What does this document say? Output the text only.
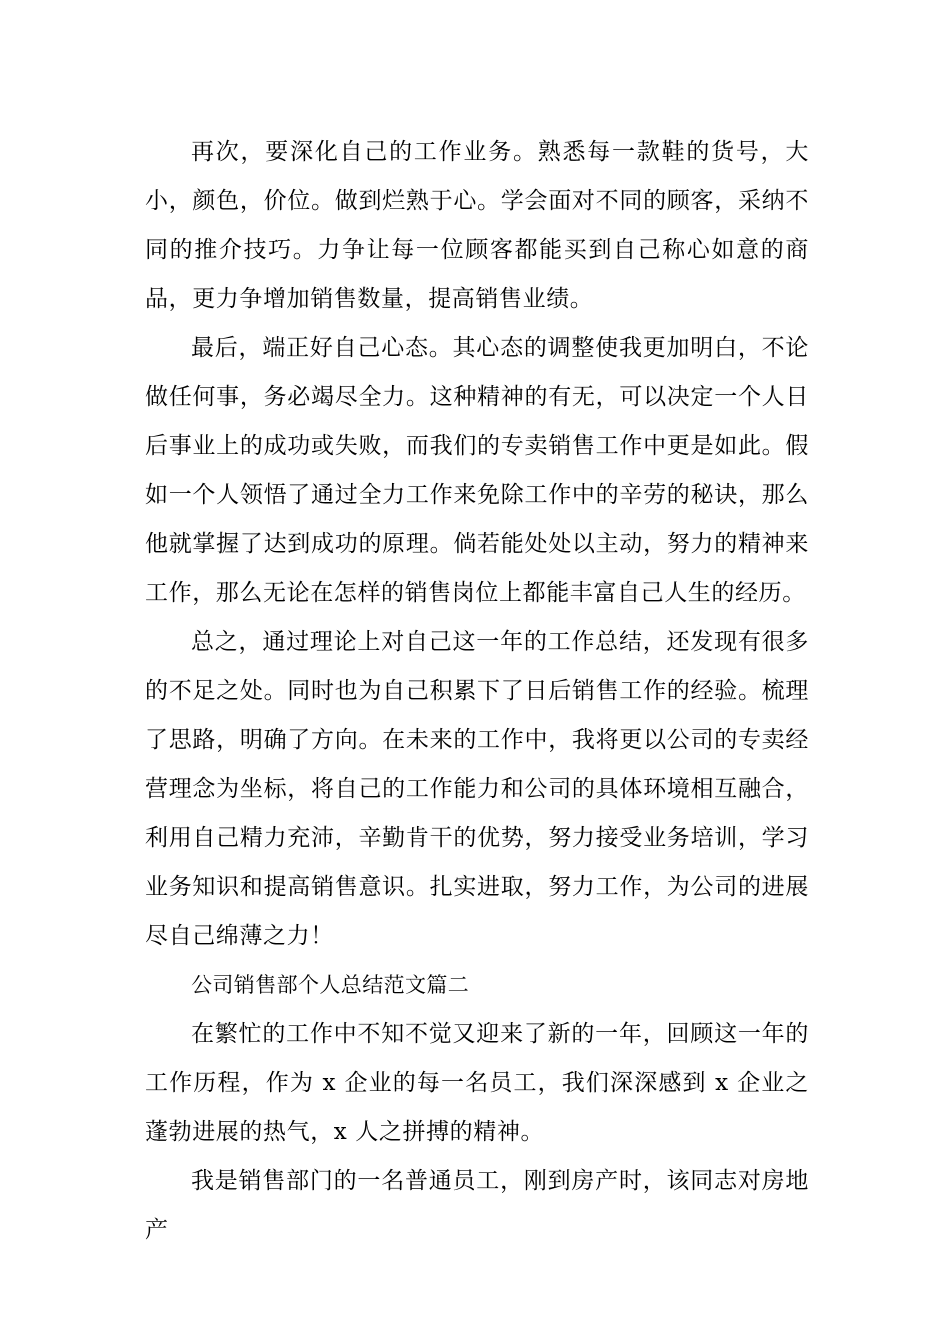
再次，要深化自己的工作业务。熟悉每一款鞋的货号，大小，颜色，价位。做到烂熟于心。学会面对不同的顾客，采纳不同的推介技巧。力争让每一位顾客都能买到自己称心如意的商品，更力争增加销售数量，提高销售业绩。

最后，端正好自己心态。其心态的调整使我更加明白，不论做任何事，务必竭尽全力。这种精神的有无，可以决定一个人日后事业上的成功或失败，而我们的专卖销售工作中更是如此。假如一个人领悟了通过全力工作来免除工作中的辛劳的秘诀，那么他就掌握了达到成功的原理。倘若能处处以主动，努力的精神来工作，那么无论在怎样的销售岗位上都能丰富自己人生的经历。

总之，通过理论上对自己这一年的工作总结，还发现有很多的不足之处。同时也为自己积累下了日后销售工作的经验。梳理了思路，明确了方向。在未来的工作中，我将更以公司的专卖经营理念为坐标，将自己的工作能力和公司的具体环境相互融合，利用自己精力充沛，辛勤肯干的优势，努力接受业务培训，学习业务知识和提高销售意识。扎实进取，努力工作，为公司的进展尽自己绵薄之力！

公司销售部个人总结范文篇二

在繁忙的工作中不知不觉又迎来了新的一年，回顾这一年的工作历程，作为 x 企业的每一名员工，我们深深感到 x 企业之蓬勃进展的热气，x 人之拼搏的精神。

我是销售部门的一名普通员工，刚到房产时，该同志对房地产
